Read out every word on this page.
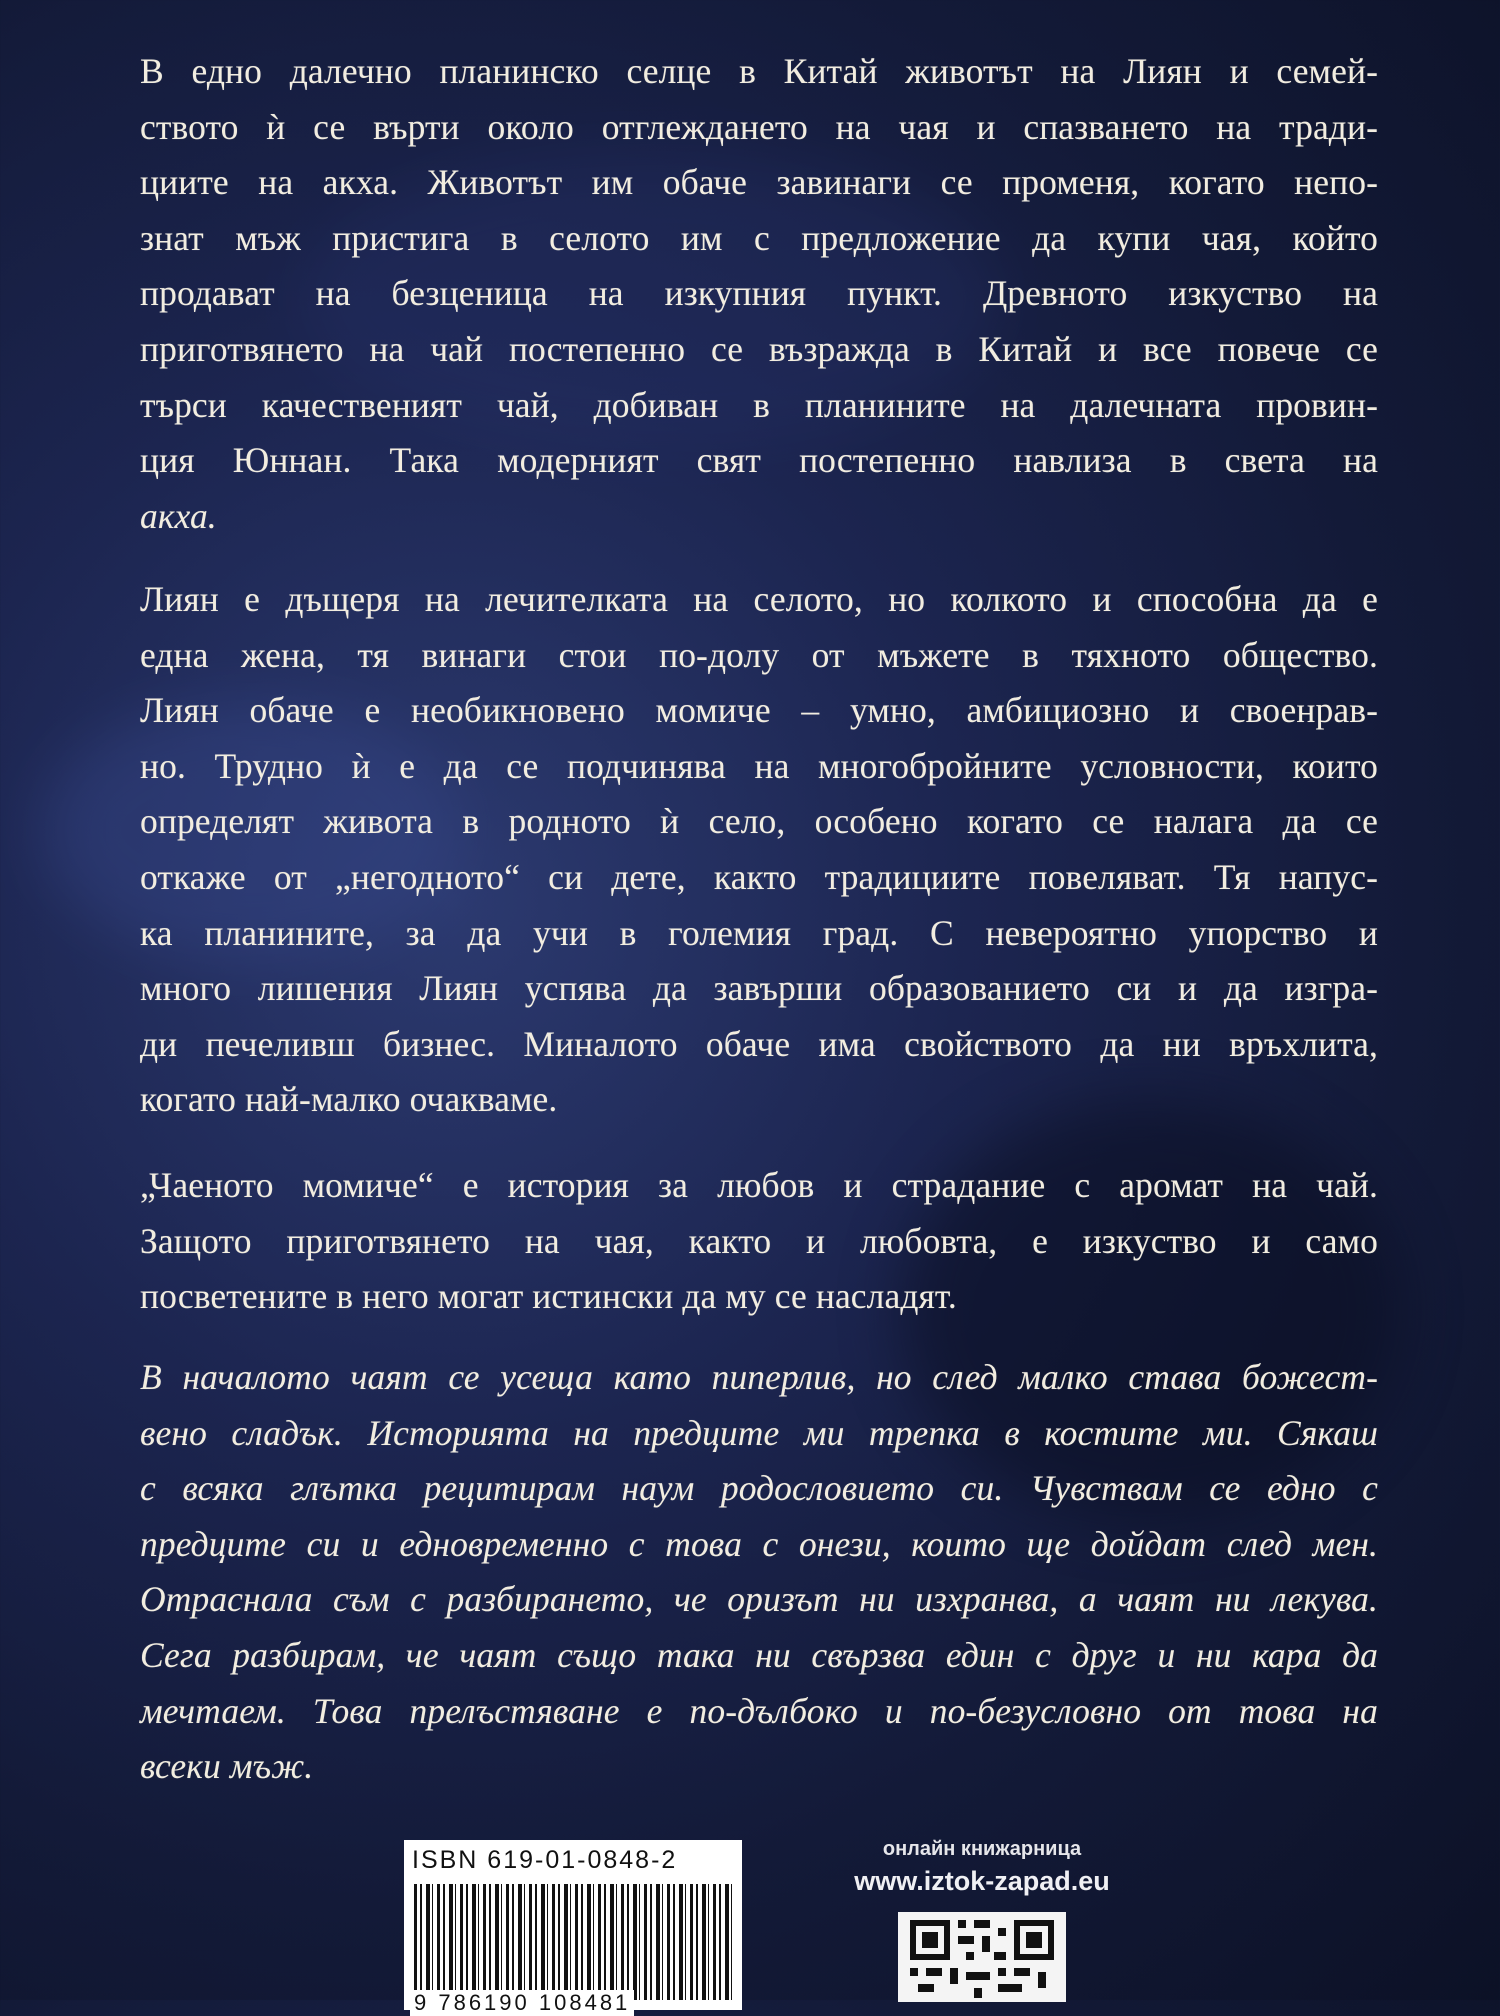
В едно далечно планинско селце в Китай животът на Лиян и семей-
ството ѝ се върти около отглеждането на чая и спазването на тради-
циите на акха. Животът им обаче завинаги се променя, когато непо-
знат мъж пристига в селото им с предложение да купи чая, който
продават на безценица на изкупния пункт. Древното изкуство на
приготвянето на чай постепенно се възражда в Китай и все повече се
търси качественият чай, добиван в планините на далечната провин-
ция Юннан. Така модерният свят постепенно навлиза в света на
акха.
Лиян е дъщеря на лечителката на селото, но колкото и способна да е
една жена, тя винаги стои по-долу от мъжете в тяхното общество.
Лиян обаче е необикновено момиче – умно, амбициозно и своенрав-
но. Трудно ѝ е да се подчинява на многобройните условности, които
определят живота в родното ѝ село, особено когато се налага да се
откаже от „негодното“ си дете, както традициите повеляват. Тя напус-
ка планините, за да учи в големия град. С невероятно упорство и
много лишения Лиян успява да завърши образованието си и да изгра-
ди печеливш бизнес. Миналото обаче има свойството да ни връхлита,
когато най-малко очакваме.
„Чаеното момиче“ е история за любов и страдание с аромат на чай.
Защото приготвянето на чая, както и любовта, е изкуство и само
посветените в него могат истински да му се насладят.
В началото чаят се усеща като пиперлив, но след малко става божест-
вено сладък. Историята на предците ми трепка в костите ми. Сякаш
с всяка глътка рецитирам наум родословието си. Чувствам се едно с
предците си и едновременно с това с онези, които ще дойдат след мен.
Отраснала съм с разбирането, че оризът ни изхранва, а чаят ни лекува.
Сега разбирам, че чаят също така ни свързва един с друг и ни кара да
мечтаем. Това прелъстяване е по-дълбоко и по-безусловно от това на
всеки мъж.
ISBN 619-01-0848-2
9 786190 108481
онлайн книжарница
www.iztok-zapad.eu
